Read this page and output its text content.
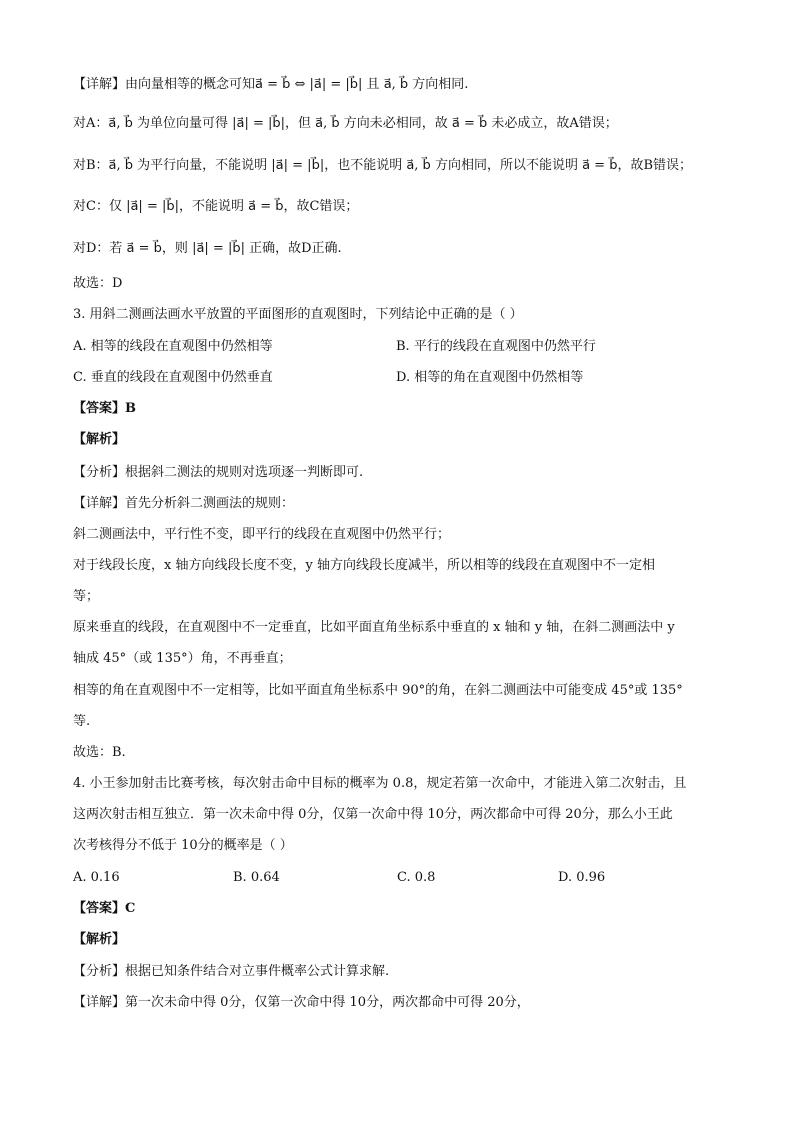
【详解】由向量相等的概念可知a⃗ = b⃗ ⇔ |a⃗| = |b⃗| 且 a⃗, b⃗ 方向相同.
对A：a⃗, b⃗ 为单位向量可得 |a⃗| = |b⃗|，但 a⃗, b⃗ 方向未必相同，故 a⃗ = b⃗ 未必成立，故A错误；
对B：a⃗, b⃗ 为平行向量，不能说明 |a⃗| = |b⃗|，也不能说明 a⃗, b⃗ 方向相同，所以不能说明 a⃗ = b⃗，故B错误；
对C：仅 |a⃗| = |b⃗|，不能说明 a⃗ = b⃗，故C错误；
对D：若 a⃗ = b⃗，则 |a⃗| = |b⃗| 正确，故D正确.
故选：D
3. 用斜二测画法画水平放置的平面图形的直观图时，下列结论中正确的是（ ）
A. 相等的线段在直观图中仍然相等	B. 平行的线段在直观图中仍然平行
C. 垂直的线段在直观图中仍然垂直	D. 相等的角在直观图中仍然相等
【答案】B
【解析】
【分析】根据斜二测法的规则对选项逐一判断即可.
【详解】首先分析斜二测画法的规则：
斜二测画法中，平行性不变，即平行的线段在直观图中仍然平行；
对于线段长度，x 轴方向线段长度不变，y 轴方向线段长度减半，所以相等的线段在直观图中不一定相
等；
原来垂直的线段，在直观图中不一定垂直，比如平面直角坐标系中垂直的 x 轴和 y 轴，在斜二测画法中 y
轴成 45°（或 135°）角，不再垂直；
相等的角在直观图中不一定相等，比如平面直角坐标系中 90°的角，在斜二测画法中可能变成 45°或 135°
等.
故选：B.
4. 小王参加射击比赛考核，每次射击命中目标的概率为 0.8，规定若第一次命中，才能进入第二次射击，且
这两次射击相互独立．第一次未命中得 0分，仅第一次命中得 10分，两次都命中可得 20分，那么小王此
次考核得分不低于 10分的概率是（ ）
A. 0.16	B. 0.64	C. 0.8	D. 0.96
【答案】C
【解析】
【分析】根据已知条件结合对立事件概率公式计算求解.
【详解】第一次未命中得 0分，仅第一次命中得 10分，两次都命中可得 20分，
